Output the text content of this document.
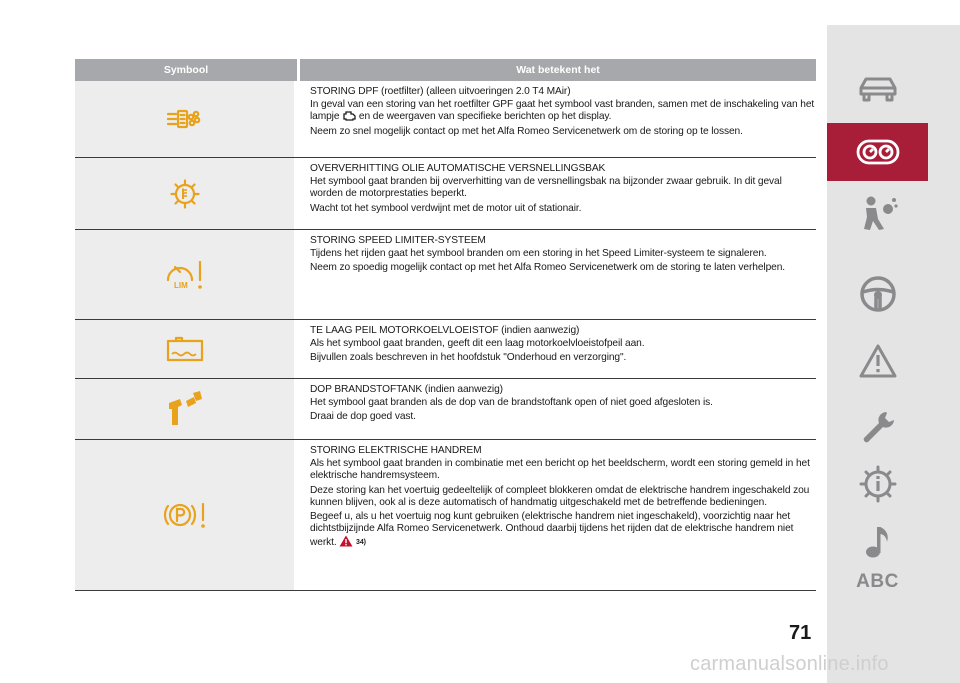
Symbool	Wat betekent het

STORING DPF (roetfilter) (alleen uitvoeringen 2.0 T4 MAir)

In geval van een storing van het roetfilter GPF gaat het symbool vast branden, samen met de inschakeling van het lampje en de weergaven van specifieke berichten op het display.

Neem zo snel mogelijk contact op met het Alfa Romeo Servicenetwerk om de storing op te lossen.

OVERVERHITTING OLIE AUTOMATISCHE VERSNELLINGSBAK

Het symbool gaat branden bij oververhitting van de versnellingsbak na bijzonder zwaar gebruik. In dit geval worden de motorprestaties beperkt.

Wacht tot het symbool verdwijnt met de motor uit of stationair.

LIM

STORING SPEED LIMITER-SYSTEEM

Tijdens het rijden gaat het symbool branden om een storing in het Speed Limiter-systeem te signaleren.

Neem zo spoedig mogelijk contact op met het Alfa Romeo Servicenetwerk om de storing te laten verhelpen.

TE LAAG PEIL MOTORKOELVLOEISTOF (indien aanwezig)

Als het symbool gaat branden, geeft dit een laag motorkoelvloeistofpeil aan.

Bijvullen zoals beschreven in het hoofdstuk "Onderhoud en verzorging".

DOP BRANDSTOFTANK (indien aanwezig)

Het symbool gaat branden als de dop van de brandstoftank open of niet goed afgesloten is.

Draai de dop goed vast.

STORING ELEKTRISCHE HANDREM

Als het symbool gaat branden in combinatie met een bericht op het beeldscherm, wordt een storing gemeld in het elektrische handremsysteem.

Deze storing kan het voertuig gedeeltelijk of compleet blokkeren omdat de elektrische handrem ingeschakeld zou kunnen blijven, ook al is deze automatisch of handmatig uitgeschakeld met de betreffende bedieningen.

Begeef u, als u het voertuig nog kunt gebruiken (elektrische handrem niet ingeschakeld), voorzichtig naar het dichtstbijzijnde Alfa Romeo Servicenetwerk. Onthoud daarbij tijdens het rijden dat de elektrische handrem niet werkt.	34)

ABC
71
carmanualsonline.info
